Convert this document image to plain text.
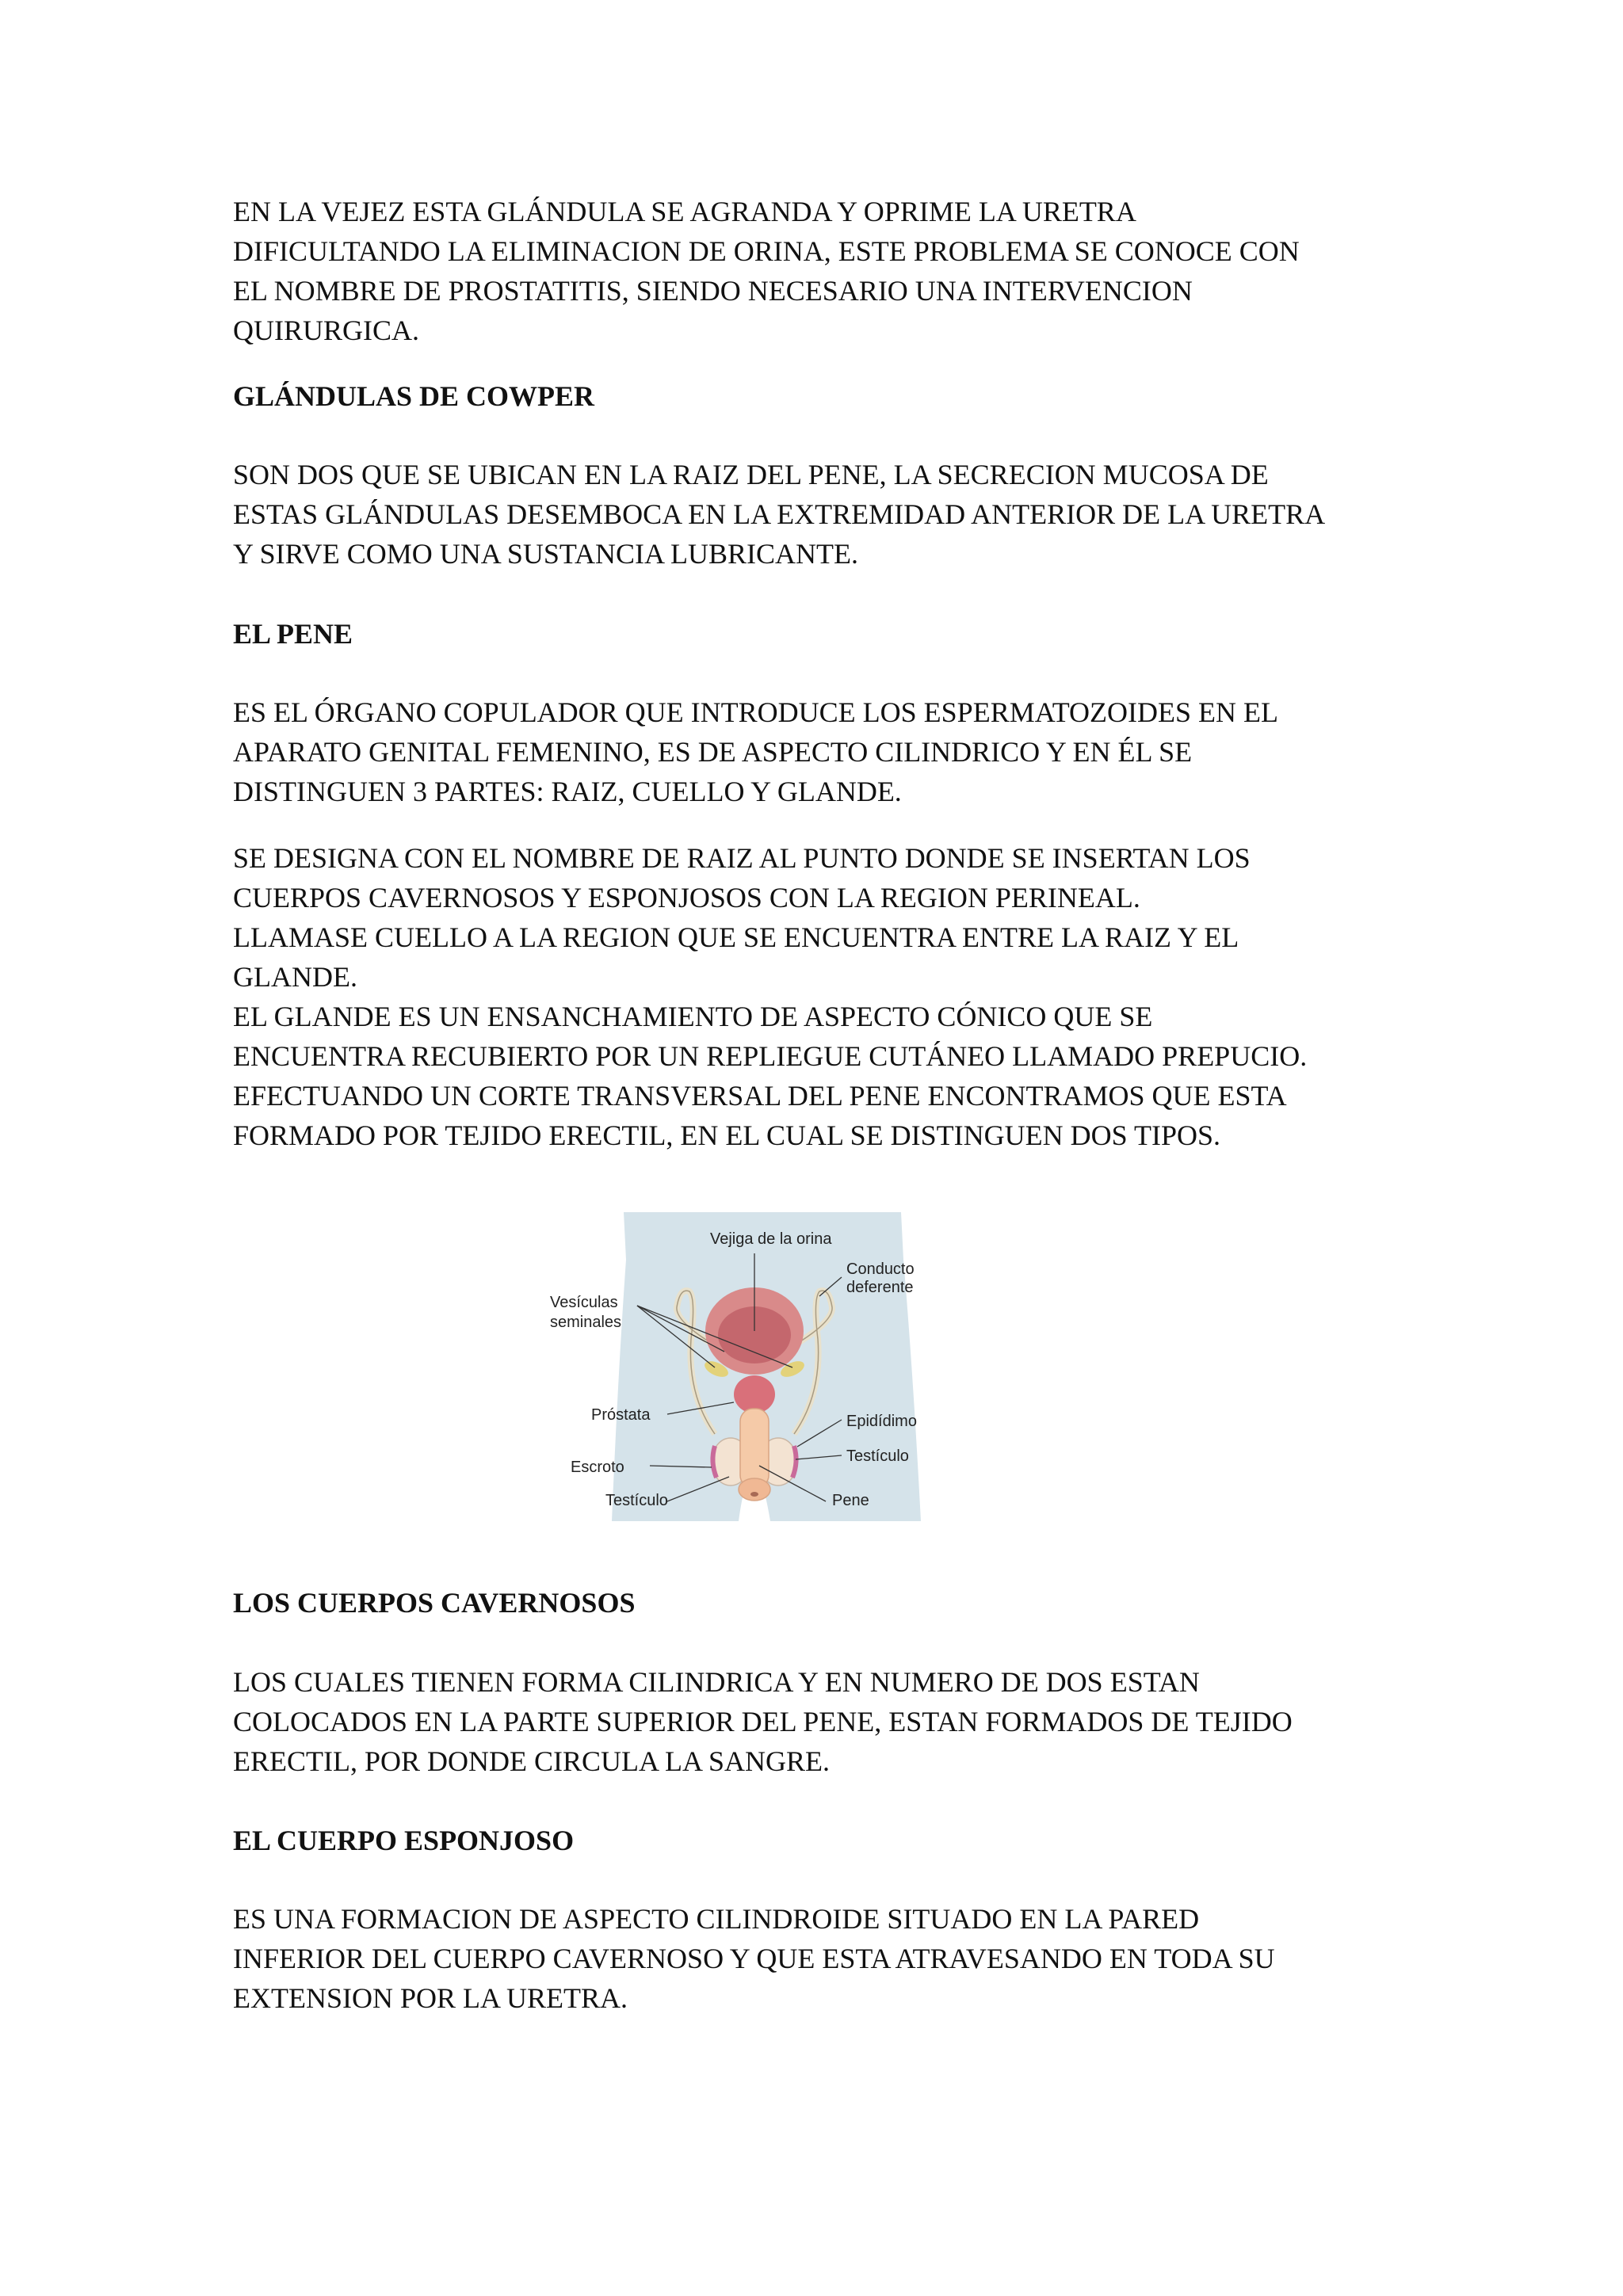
EN LA VEJEZ ESTA GLÁNDULA SE AGRANDA Y OPRIME LA URETRA

DIFICULTANDO LA ELIMINACION DE ORINA, ESTE PROBLEMA SE CONOCE CON

EL NOMBRE DE PROSTATITIS, SIENDO NECESARIO UNA INTERVENCION

QUIRURGICA.

GLÁNDULAS DE COWPER

SON DOS QUE SE UBICAN EN LA RAIZ DEL PENE, LA SECRECION MUCOSA DE

ESTAS GLÁNDULAS DESEMBOCA EN LA EXTREMIDAD ANTERIOR DE LA URETRA

Y SIRVE COMO UNA SUSTANCIA LUBRICANTE.

EL PENE

ES EL ÓRGANO COPULADOR QUE INTRODUCE LOS ESPERMATOZOIDES EN EL

APARATO GENITAL FEMENINO, ES DE ASPECTO CILINDRICO Y EN ÉL SE

DISTINGUEN 3 PARTES: RAIZ, CUELLO Y GLANDE.

SE DESIGNA CON EL NOMBRE DE RAIZ AL PUNTO DONDE SE INSERTAN LOS

CUERPOS CAVERNOSOS Y ESPONJOSOS CON LA REGION PERINEAL.

LLAMASE CUELLO A LA REGION QUE SE ENCUENTRA ENTRE LA RAIZ Y EL

GLANDE.

EL GLANDE ES UN ENSANCHAMIENTO DE ASPECTO CÓNICO QUE SE

ENCUENTRA RECUBIERTO POR UN REPLIEGUE CUTÁNEO LLAMADO PREPUCIO.

EFECTUANDO UN CORTE TRANSVERSAL DEL PENE ENCONTRAMOS QUE ESTA

FORMADO POR TEJIDO ERECTIL, EN EL CUAL SE DISTINGUEN DOS TIPOS.

Vejiga de la orina
Conducto
deferente
Vesículas
seminales
Próstata	Epidídimo
Testículo
Escroto
Testículo	Pene

LOS CUERPOS CAVERNOSOS

LOS CUALES TIENEN FORMA CILINDRICA Y EN NUMERO DE DOS ESTAN

COLOCADOS EN LA PARTE SUPERIOR DEL PENE, ESTAN FORMADOS DE TEJIDO

ERECTIL, POR DONDE CIRCULA LA SANGRE.

EL CUERPO ESPONJOSO

ES UNA FORMACION DE ASPECTO CILINDROIDE SITUADO EN LA PARED

INFERIOR DEL CUERPO CAVERNOSO Y QUE ESTA ATRAVESANDO EN TODA SU

EXTENSION POR LA URETRA.
